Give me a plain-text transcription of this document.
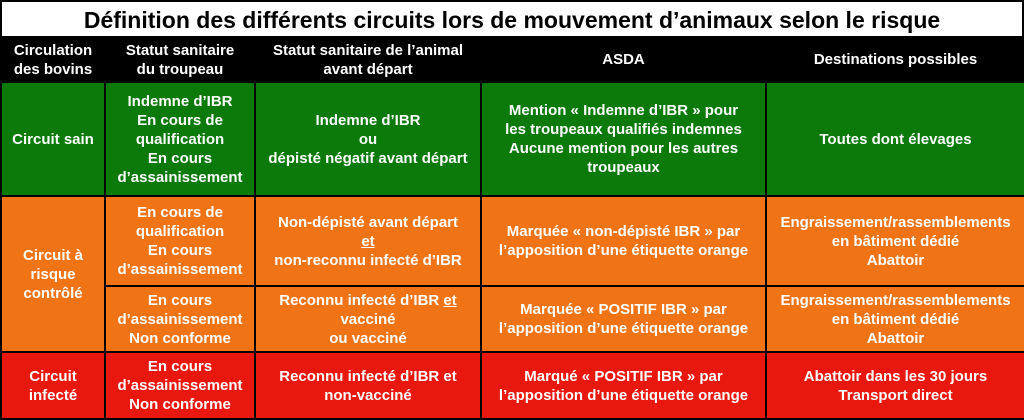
Définition des différents circuits lors de mouvement d’animaux selon le risque
Circulation
des bovins	Statut sanitaire
du troupeau	Statut sanitaire de l’animal
avant départ	ASDA	Destinations possibles

Circuit sain	Indemne d’IBR
En cours de
qualification
En cours
d’assainissement	Indemne d’IBR
ou
dépisté négatif avant départ	Mention « Indemne d’IBR » pour
les troupeaux qualifiés indemnes
Aucune mention pour les autres
troupeaux	Toutes dont élevages

Circuit à
risque
contrôlé	En cours de
qualification
En cours
d’assainissement	Non-dépisté avant départ
et
non-reconnu infecté d’IBR	Marquée « non-dépisté IBR » par
l’apposition d’une étiquette orange	Engraissement/rassemblements
en bâtiment dédié
Abattoir

	En cours
d’assainissement
Non conforme	Reconnu infecté d’IBR et
vacciné
ou vacciné	Marquée « POSITIF IBR » par
l’apposition d’une étiquette orange	Engraissement/rassemblements
en bâtiment dédié
Abattoir

Circuit
infecté	En cours
d’assainissement
Non conforme	Reconnu infecté d’IBR et
non-vacciné	Marqué « POSITIF IBR » par
l’apposition d’une étiquette orange	Abattoir dans les 30 jours
Transport direct
